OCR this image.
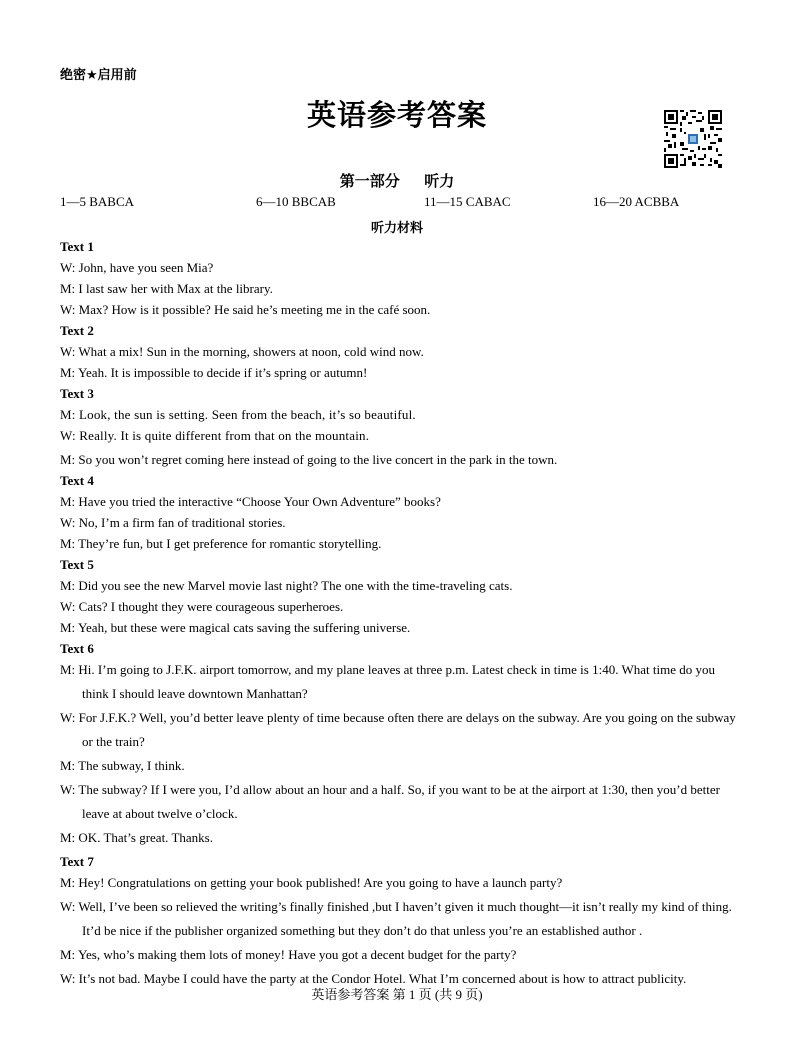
绝密★启用前
英语参考答案
第一部分 听力
1—5 BABCA	6—10 BBCAB	11—15 CABAC	16—20 ACBBA
听力材料
Text 1
W: John, have you seen Mia?
M: I last saw her with Max at the library.
W: Max? How is it possible? He said he’s meeting me in the café soon.
Text 2
W: What a mix! Sun in the morning, showers at noon, cold wind now.
M: Yeah. It is impossible to decide if it’s spring or autumn!
Text 3
M: Look, the sun is setting. Seen from the beach, it’s so beautiful.
W: Really. It is quite different from that on the mountain.
M: So you won’t regret coming here instead of going to the live concert in the park in the town.
Text 4
M: Have you tried the interactive “Choose Your Own Adventure” books?
W: No, I’m a firm fan of traditional stories.
M: They’re fun, but I get preference for romantic storytelling.
Text 5
M: Did you see the new Marvel movie last night? The one with the time-traveling cats.
W: Cats? I thought they were courageous superheroes.
M: Yeah, but these were magical cats saving the suffering universe.
Text 6
M: Hi. I’m going to J.F.K. airport tomorrow, and my plane leaves at three p.m. Latest check in time is 1:40. What time do you think I should leave downtown Manhattan?
W: For J.F.K.? Well, you’d better leave plenty of time because often there are delays on the subway. Are you going on the subway or the train?
M: The subway, I think.
W: The subway? If I were you, I’d allow about an hour and a half. So, if you want to be at the airport at 1:30, then you’d better leave at about twelve o’clock.
M: OK. That’s great. Thanks.
Text 7
M: Hey! Congratulations on getting your book published! Are you going to have a launch party?
W: Well, I’ve been so relieved the writing’s finally finished ,but I haven’t given it much thought—it isn’t really my kind of thing. It’d be nice if the publisher organized something but they don’t do that unless you’re an established author .
M: Yes, who’s making them lots of money! Have you got a decent budget for the party?
W: It’s not bad. Maybe I could have the party at the Condor Hotel. What I’m concerned about is how to attract publicity.
英语参考答案 第 1 页 (共 9 页)
